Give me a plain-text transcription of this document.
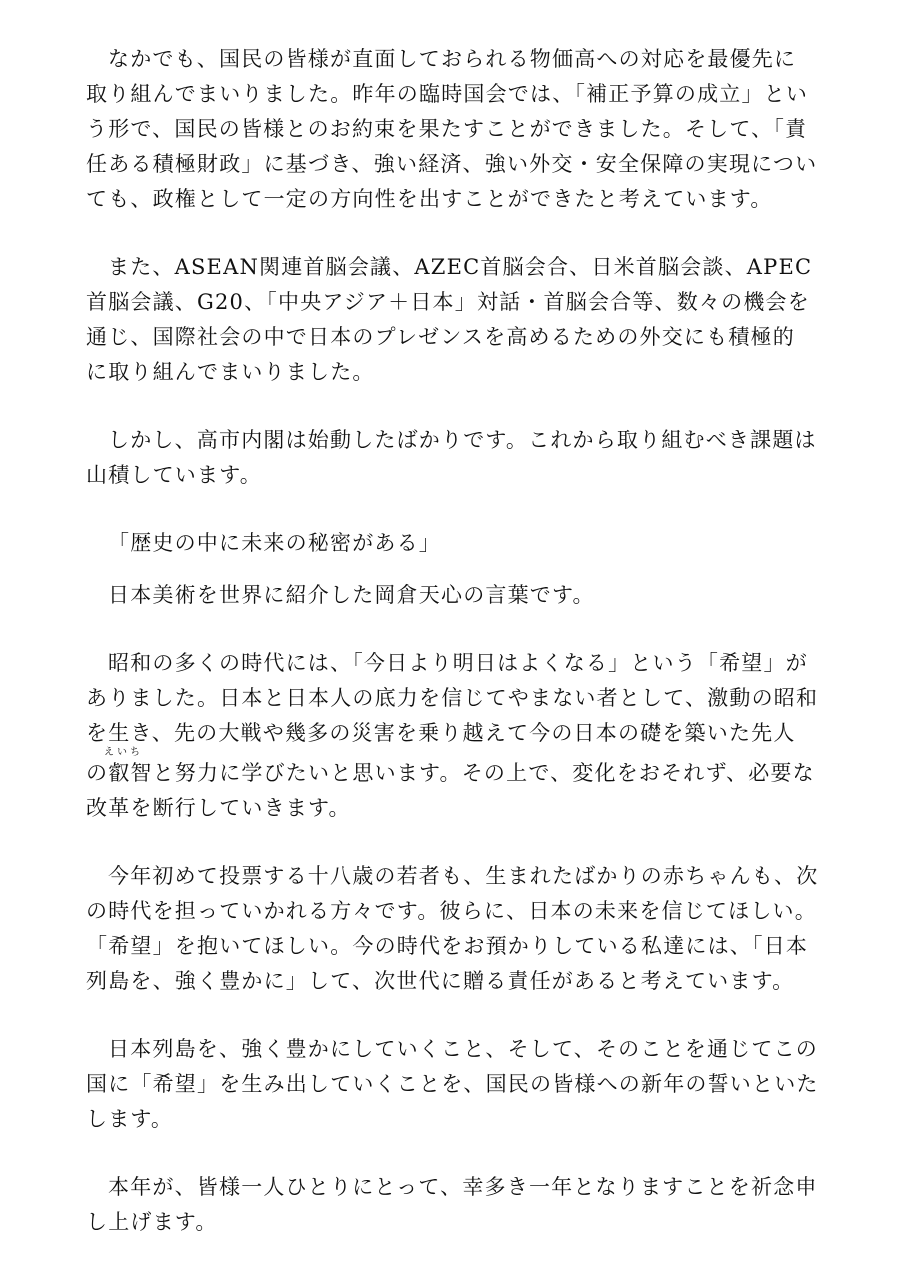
なかでも、国民の皆様が直面しておられる物価高への対応を最優先に
取り組んでまいりました。昨年の臨時国会では、「補正予算の成立」とい
う形で、国民の皆様とのお約束を果たすことができました。そして、「責
任ある積極財政」に基づき、強い経済、強い外交・安全保障の実現につい
ても、政権として一定の方向性を出すことができたと考えています。
また、ASEAN関連首脳会議、AZEC首脳会合、日米首脳会談、APEC
首脳会議、G20、「中央アジア＋日本」対話・首脳会合等、数々の機会を
通じ、国際社会の中で日本のプレゼンスを高めるための外交にも積極的
に取り組んでまいりました。
しかし、高市内閣は始動したばかりです。これから取り組むべき課題は
山積しています。
「歴史の中に未来の秘密がある」
日本美術を世界に紹介した岡倉天心の言葉です。
昭和の多くの時代には、「今日より明日はよくなる」という「希望」が
ありました。日本と日本人の底力を信じてやまない者として、激動の昭和
を生き、先の大戦や幾多の災害を乗り越えて今の日本の礎を築いた先人
えいち
の叡智と努力に学びたいと思います。その上で、変化をおそれず、必要な
改革を断行していきます。
今年初めて投票する十八歳の若者も、生まれたばかりの赤ちゃんも、次
の時代を担っていかれる方々です。彼らに、日本の未来を信じてほしい。
「希望」を抱いてほしい。今の時代をお預かりしている私達には、「日本
列島を、強く豊かに」して、次世代に贈る責任があると考えています。
日本列島を、強く豊かにしていくこと、そして、そのことを通じてこの
国に「希望」を生み出していくことを、国民の皆様への新年の誓いといた
します。
本年が、皆様一人ひとりにとって、幸多き一年となりますことを祈念申
し上げます。
